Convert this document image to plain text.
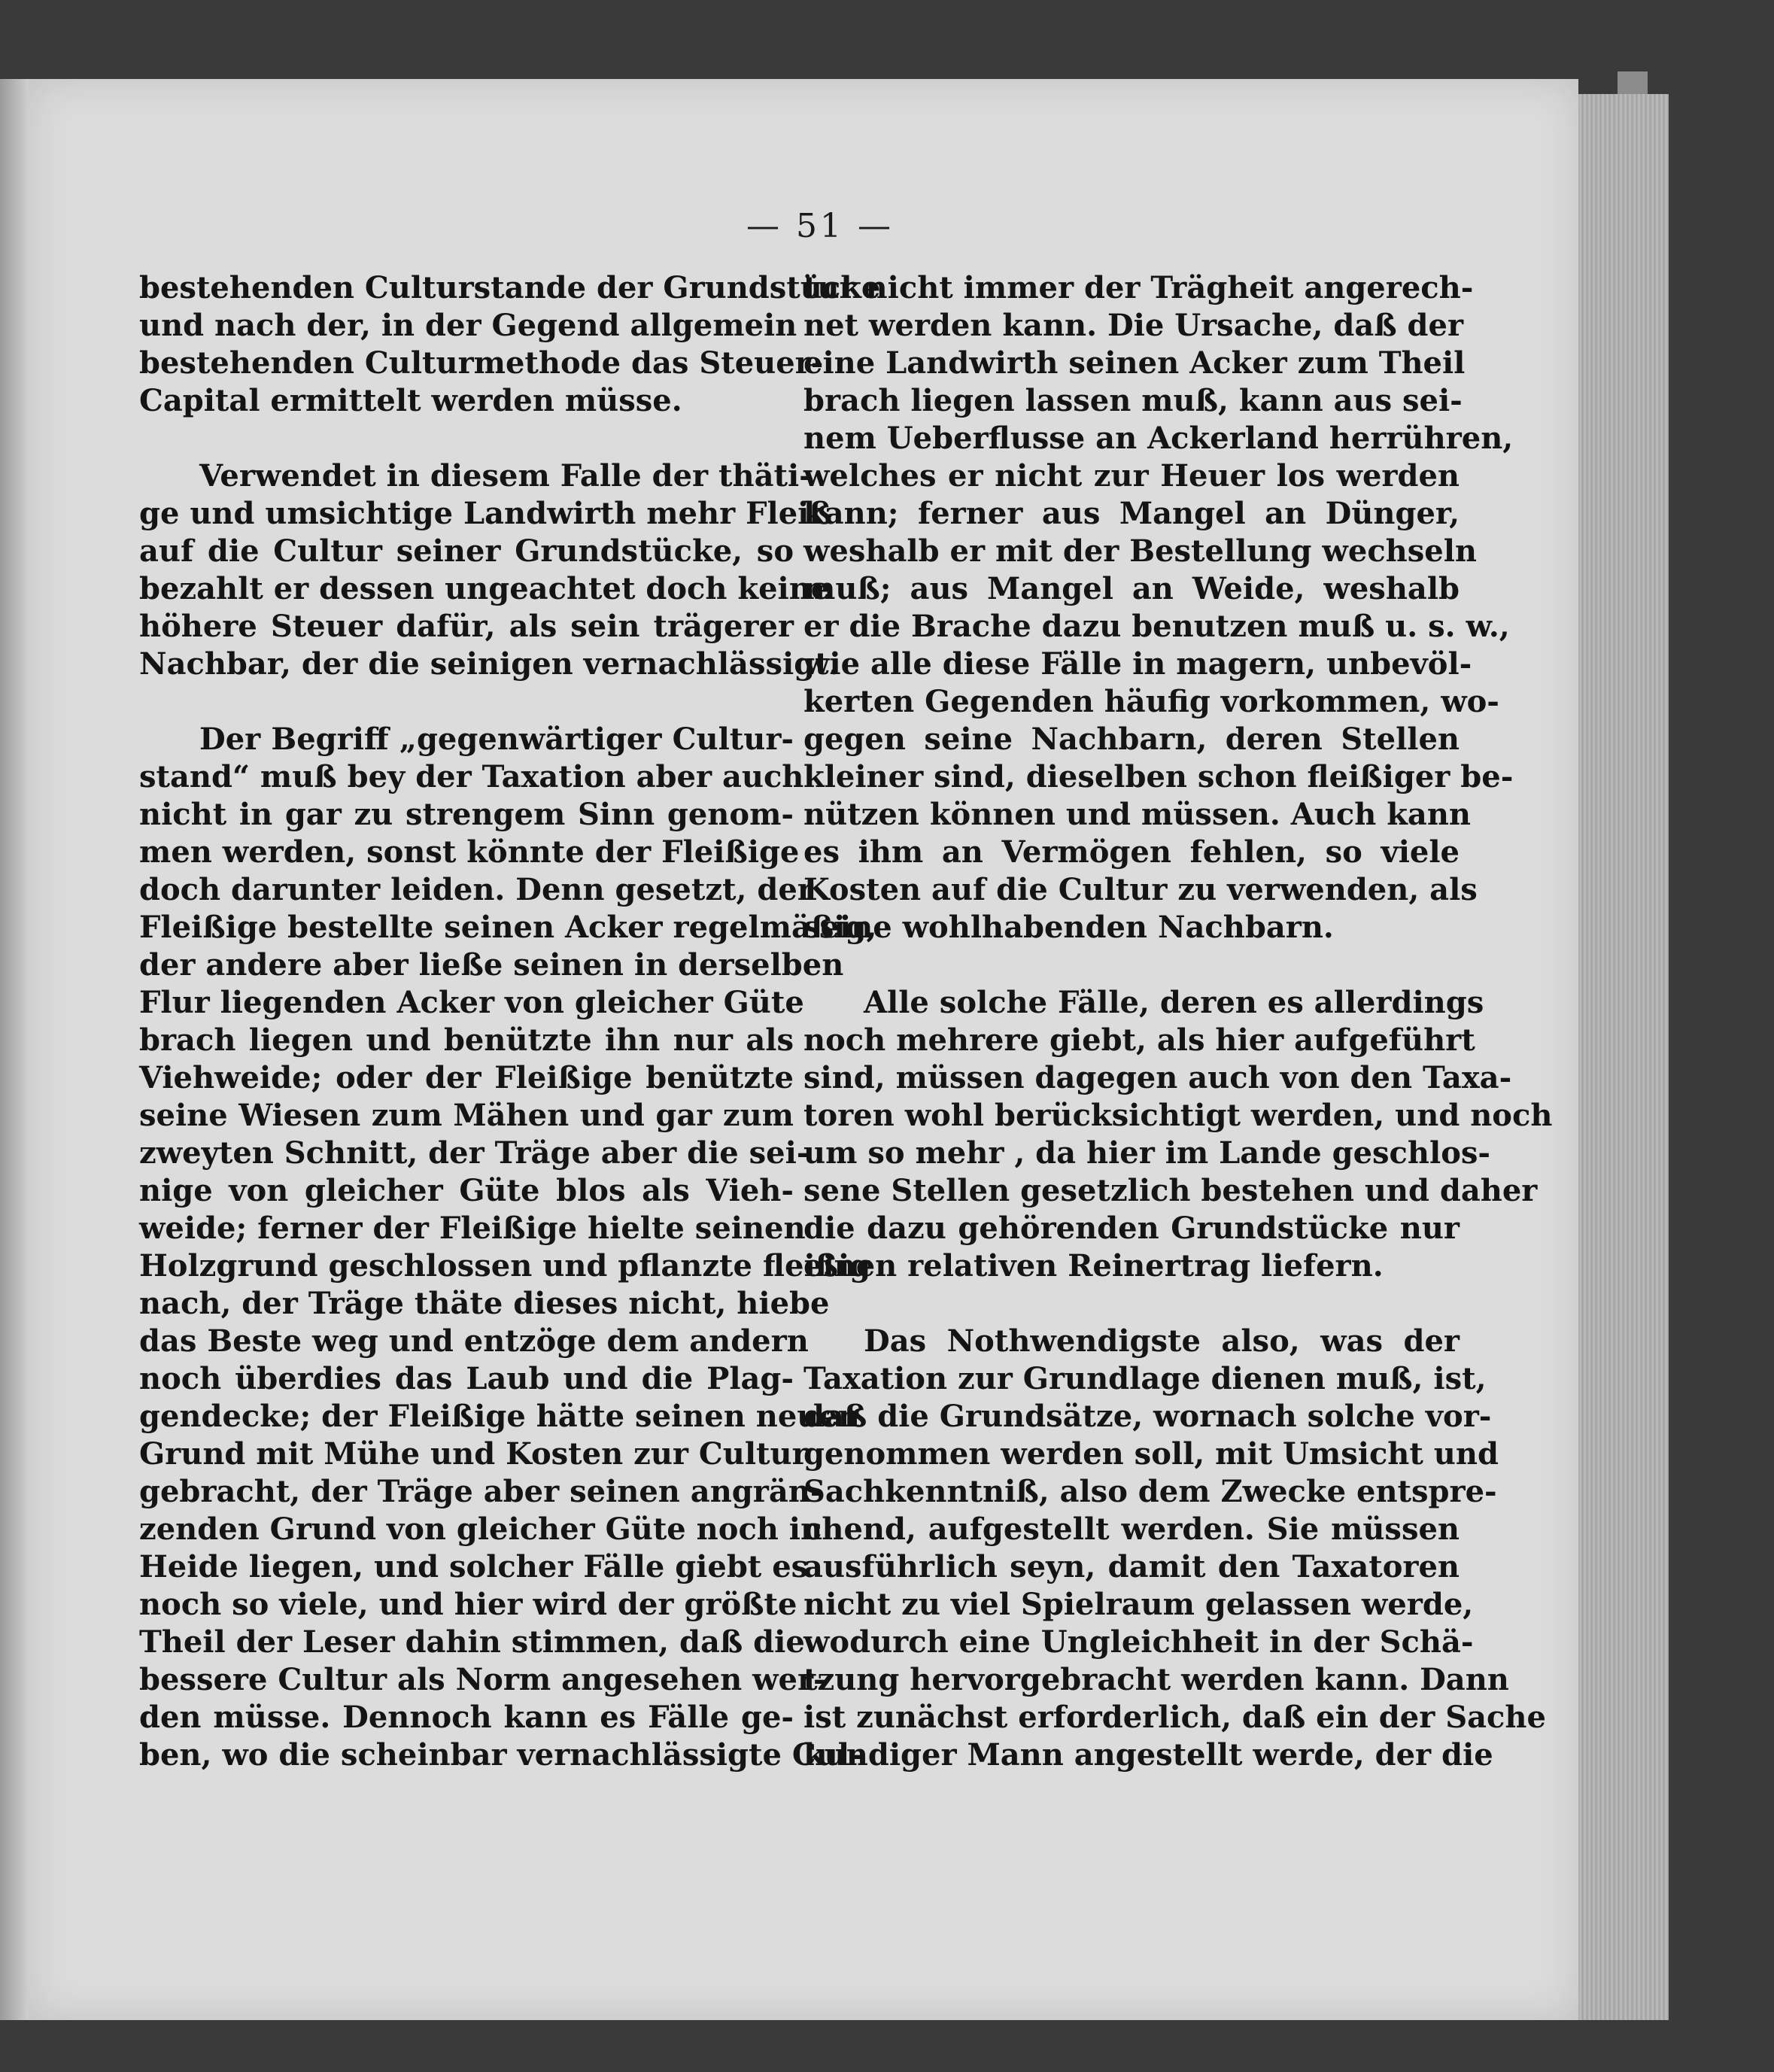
— 51 —
bestehenden Culturstande der Grundstücke
und nach der, in der Gegend allgemein
bestehenden Culturmethode das Steuer-
Capital ermittelt werden müsse.
Verwendet in diesem Falle der thäti-
ge und umsichtige Landwirth mehr Fleiß
auf die Cultur seiner Grundstücke, so
bezahlt er dessen ungeachtet doch keine
höhere Steuer dafür, als sein trägerer
Nachbar, der die seinigen vernachlässigt.
Der Begriff „gegenwärtiger Cultur-
stand“ muß bey der Taxation aber auch
nicht in gar zu strengem Sinn genom-
men werden, sonst könnte der Fleißige
doch darunter leiden. Denn gesetzt, der
Fleißige bestellte seinen Acker regelmäßig,
der andere aber ließe seinen in derselben
Flur liegenden Acker von gleicher Güte
brach liegen und benützte ihn nur als
Viehweide; oder der Fleißige benützte
seine Wiesen zum Mähen und gar zum
zweyten Schnitt, der Träge aber die sei-
nige von gleicher Güte blos als Vieh-
weide; ferner der Fleißige hielte seinen
Holzgrund geschlossen und pflanzte fleißig
nach, der Träge thäte dieses nicht, hiebe
das Beste weg und entzöge dem andern
noch überdies das Laub und die Plag-
gendecke; der Fleißige hätte seinen neuen
Grund mit Mühe und Kosten zur Cultur
gebracht, der Träge aber seinen angrän-
zenden Grund von gleicher Güte noch in
Heide liegen, und solcher Fälle giebt es
noch so viele, und hier wird der größte
Theil der Leser dahin stimmen, daß die
bessere Cultur als Norm angesehen wer-
den müsse. Dennoch kann es Fälle ge-
ben, wo die scheinbar vernachlässigte Cul-
tur nicht immer der Trägheit angerech-
net werden kann. Die Ursache, daß der
eine Landwirth seinen Acker zum Theil
brach liegen lassen muß, kann aus sei-
nem Ueberflusse an Ackerland herrühren,
welches er nicht zur Heuer los werden
kann; ferner aus Mangel an Dünger,
weshalb er mit der Bestellung wechseln
muß; aus Mangel an Weide, weshalb
er die Brache dazu benutzen muß u. s. w.,
wie alle diese Fälle in magern, unbevöl-
kerten Gegenden häufig vorkommen, wo-
gegen seine Nachbarn, deren Stellen
kleiner sind, dieselben schon fleißiger be-
nützen können und müssen. Auch kann
es ihm an Vermögen fehlen, so viele
Kosten auf die Cultur zu verwenden, als
seine wohlhabenden Nachbarn.
Alle solche Fälle, deren es allerdings
noch mehrere giebt, als hier aufgeführt
sind, müssen dagegen auch von den Taxa-
toren wohl berücksichtigt werden, und noch
um so mehr , da hier im Lande geschlos-
sene Stellen gesetzlich bestehen und daher
die dazu gehörenden Grundstücke nur
einen relativen Reinertrag liefern.
Das Nothwendigste also, was der
Taxation zur Grundlage dienen muß, ist,
daß die Grundsätze, wornach solche vor-
genommen werden soll, mit Umsicht und
Sachkenntniß, also dem Zwecke entspre-
chend, aufgestellt werden. Sie müssen
ausführlich seyn, damit den Taxatoren
nicht zu viel Spielraum gelassen werde,
wodurch eine Ungleichheit in der Schä-
tzung hervorgebracht werden kann. Dann
ist zunächst erforderlich, daß ein der Sache
kundiger Mann angestellt werde, der die
